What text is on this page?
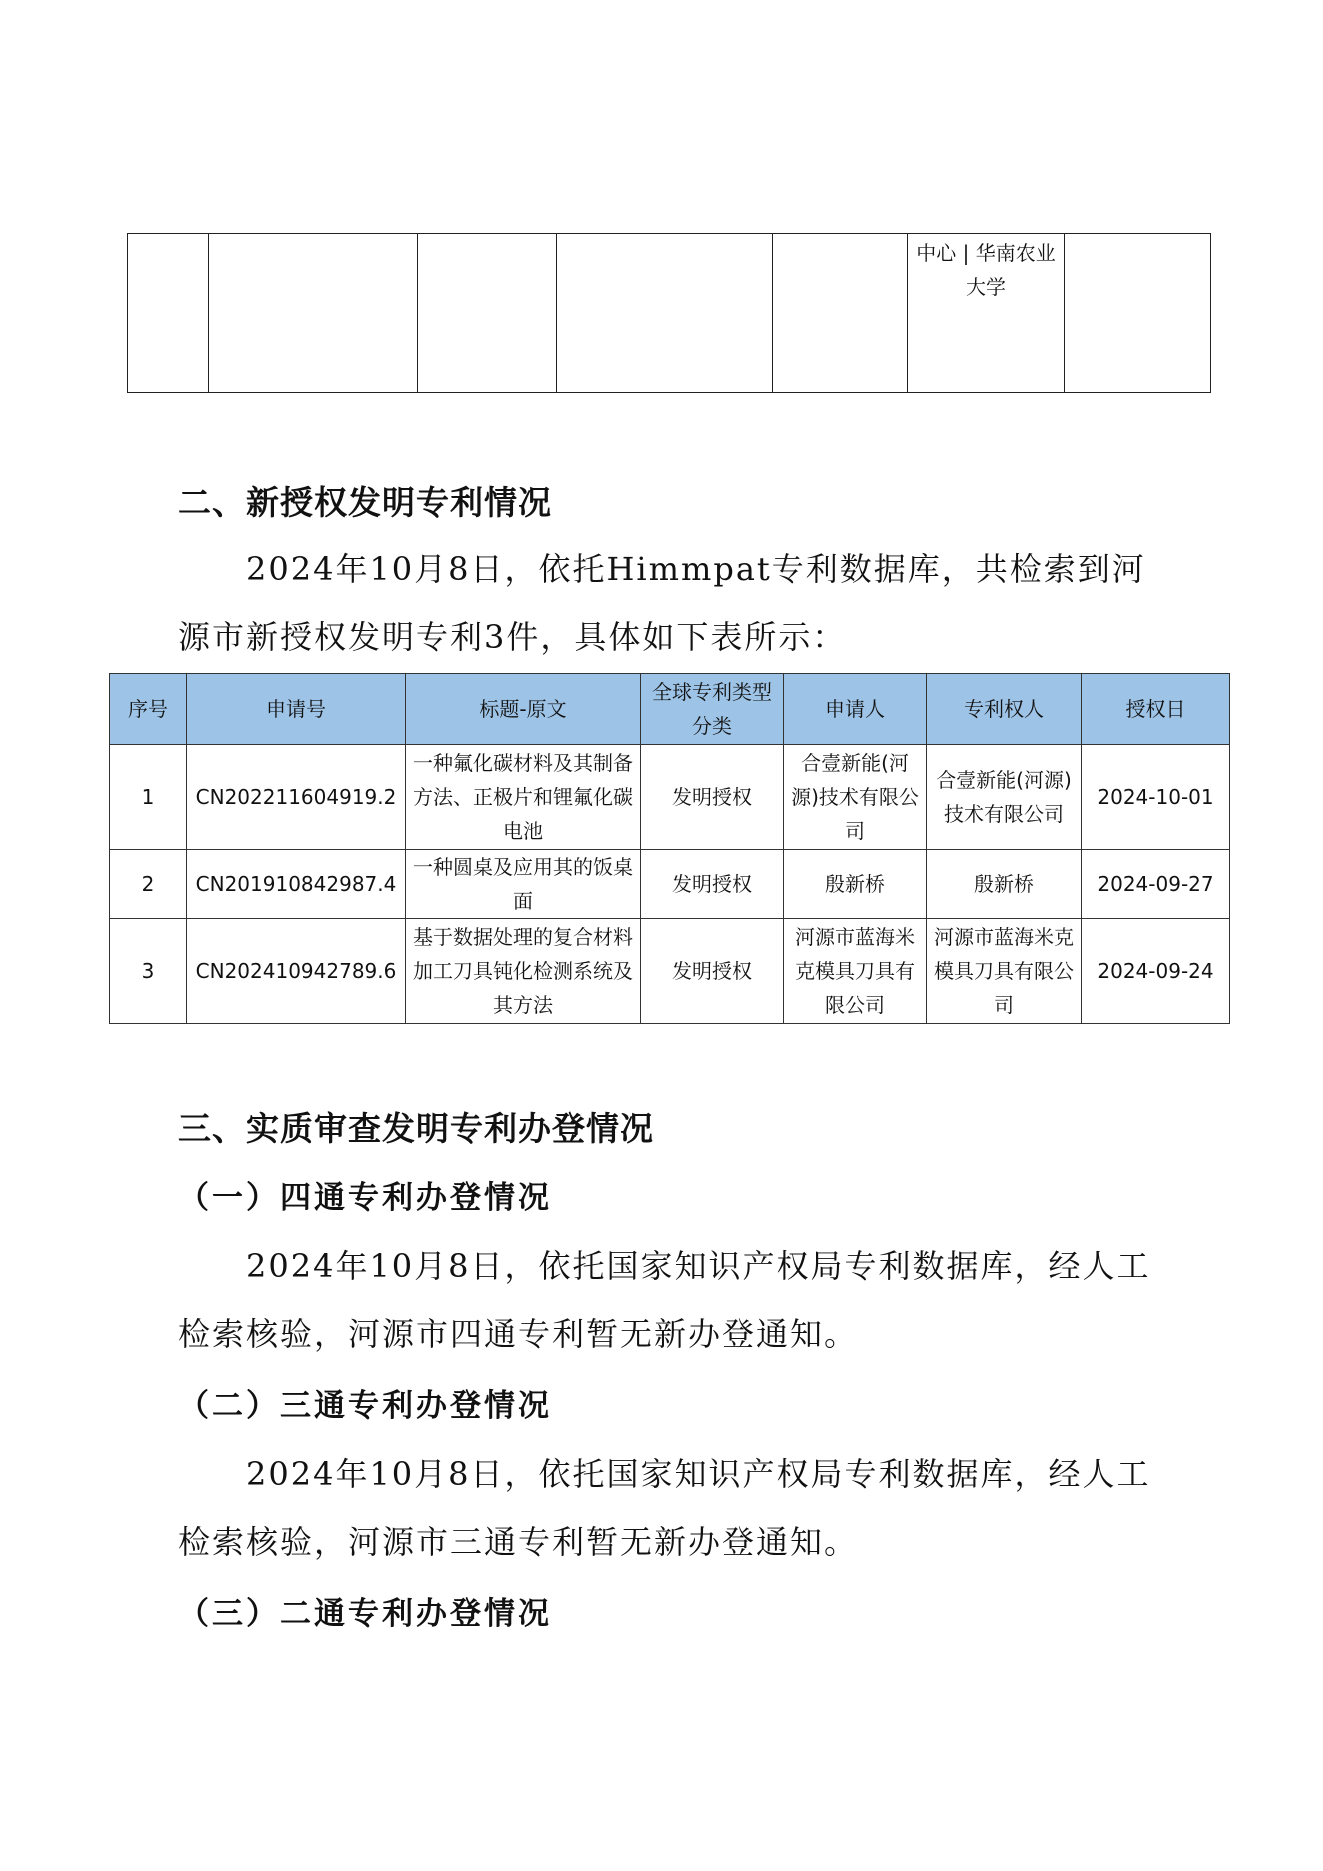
					中心 | 华南农业大学	
二、新授权发明专利情况
2024年10月8日，依托Himmpat专利数据库，共检索到河源市新授权发明专利3件，具体如下表所示：
序号	申请号	标题-原文	全球专利类型分类	申请人	专利权人	授权日
1	CN202211604919.2	一种氟化碳材料及其制备方法、正极片和锂氟化碳电池	发明授权	合壹新能(河源)技术有限公司	合壹新能(河源)技术有限公司	2024-10-01
2	CN201910842987.4	一种圆桌及应用其的饭桌面	发明授权	殷新桥	殷新桥	2024-09-27
3	CN202410942789.6	基于数据处理的复合材料加工刀具钝化检测系统及其方法	发明授权	河源市蓝海米克模具刀具有限公司	河源市蓝海米克模具刀具有限公司	2024-09-24
三、实质审查发明专利办登情况
（一）四通专利办登情况
2024年10月8日，依托国家知识产权局专利数据库，经人工检索核验，河源市四通专利暂无新办登通知。
（二）三通专利办登情况
2024年10月8日，依托国家知识产权局专利数据库，经人工检索核验，河源市三通专利暂无新办登通知。
（三）二通专利办登情况
